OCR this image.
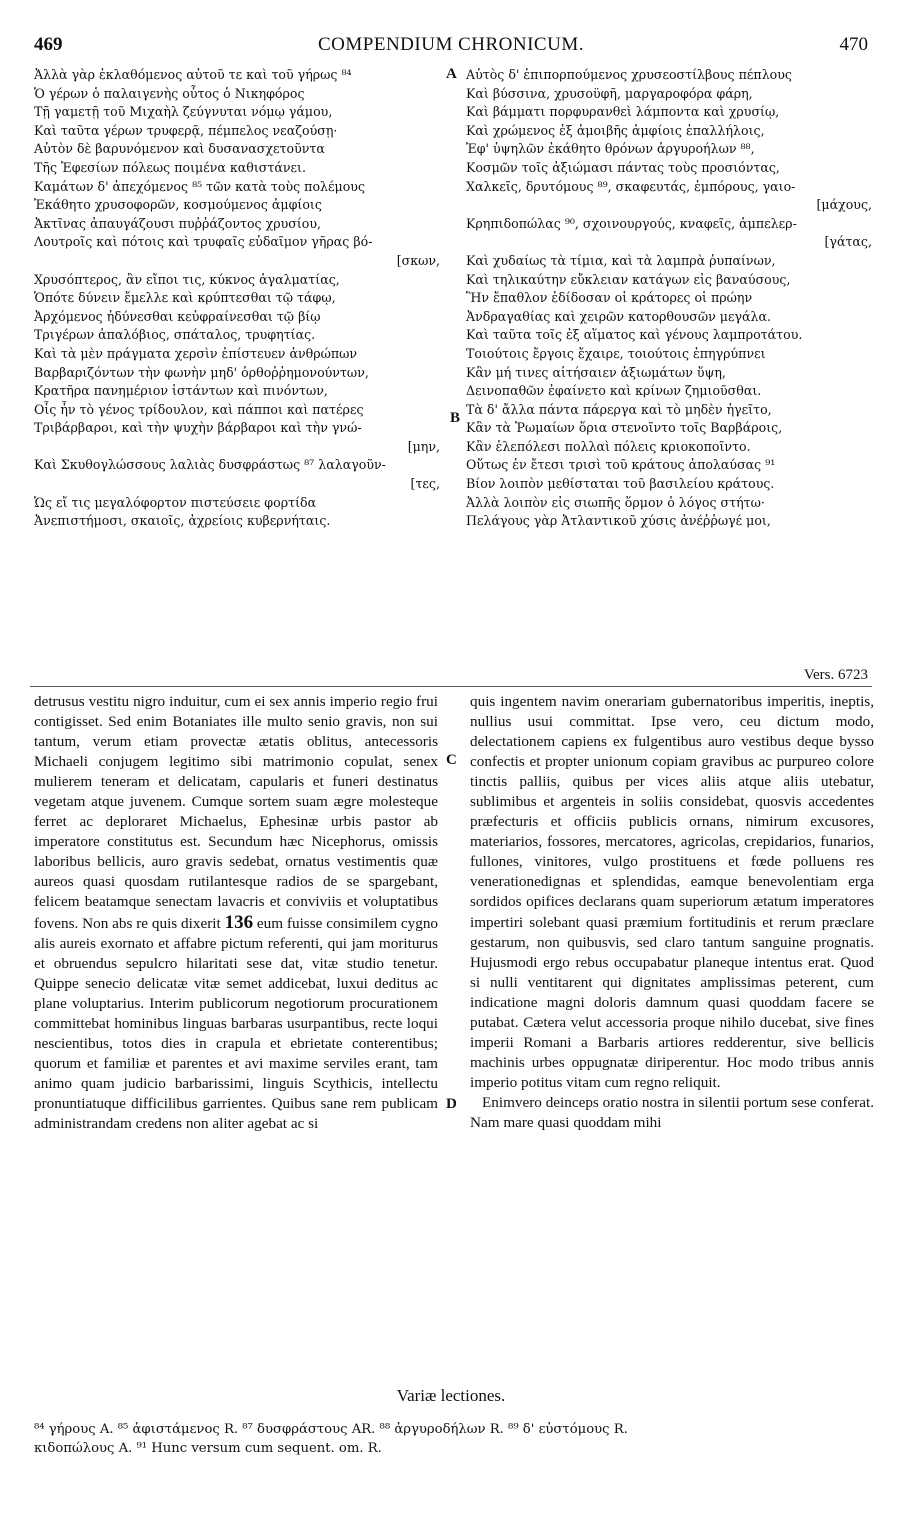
469	COMPENDIUM CHRONICUM.	470
Ἀλλὰ γὰρ ἐκλαθόμενος αὐτοῦ τε καὶ τοῦ γήρως ⁸⁴
Ὁ γέρων ὁ παλαιγενὴς οὗτος ὁ Νικηφόρος
Τῇ γαμετῇ τοῦ Μιχαὴλ ζεύγνυται νόμῳ γάμου,
Καὶ ταῦτα γέρων τρυφερᾷ, πέμπελος νεαζούσῃ·
Αὐτὸν δὲ βαρυνόμενον καὶ δυσανασχετοῦντα
Τῆς Ἐφεσίων πόλεως ποιμένα καθιστάνει.
Καμάτων δ' ἀπεχόμενος ⁸⁵ τῶν κατὰ τοὺς πολέμους
Ἐκάθητο χρυσοφορῶν, κοσμούμενος ἀμφίοις
Ἀκτῖνας ἀπαυγάζουσι πυῤῥάζοντος χρυσίου,
Λουτροῖς καὶ πότοις καὶ τρυφαῖς εὐδαῖμον γῆρας βό-
[σκων,
Χρυσόπτερος, ἂν εἴποι τις, κύκνος ἀγαλματίας,
Ὁπότε δύνειν ἔμελλε καὶ κρύπτεσθαι τῷ τάφῳ,
Ἀρχόμενος ἠδύνεσθαι κεὐφραίνεσθαι τῷ βίῳ
Τριγέρων ἀπαλόβιος, σπάταλος, τρυφητίας.
Καὶ τὰ μὲν πράγματα χερσὶν ἐπίστευεν ἀνθρώπων
Βαρβαριζόντων τὴν φωνὴν μηδ' ὀρθοῤῥημονούντων,
Κρατῆρα πανημέριον ἱστάντων καὶ πινόντων,
Οἷς ἦν τὸ γένος τρίδουλον, καὶ πάπποι καὶ πατέρες
Τριβάρβαροι, καὶ τὴν ψυχὴν βάρβαροι καὶ τὴν γνώ-
[μην,
Καὶ Σκυθογλώσσους λαλιὰς δυσφράστως ⁸⁷ λαλαγοῦν-
[τες,
Ὡς εἴ τις μεγαλόφορτον πιστεύσειε φορτίδα
Ἀνεπιστήμοσι, σκαιοῖς, ἀχρείοις κυβερνήταις.
Αὐτὸς δ' ἐπιπορπούμενος χρυσεοστίλβους πέπλους
Καὶ βύσσινα, χρυσοϋφῆ, μαργαροφόρα φάρη,
Καὶ βάμματι πορφυρανθεὶ λάμποντα καὶ χρυσίῳ,
Καὶ χρώμενος ἐξ ἀμοιβῆς ἀμφίοις ἐπαλλήλοις,
Ἐφ' ὑψηλῶν ἐκάθητο θρόνων ἀργυροήλων ⁸⁸,
Κοσμῶν τοῖς ἀξιώμασι πάντας τοὺς προσιόντας,
Χαλκεῖς, δρυτόμους ⁸⁹, σκαφευτάς, ἐμπόρους, γαιο-
[μάχους,
Κρηπιδοπώλας ⁹⁰, σχοινουργούς, κναφεῖς, ἀμπελερ-
[γάτας,
Καὶ χυδαίως τὰ τίμια, καὶ τὰ λαμπρὰ ῥυπαίνων,
Καὶ τηλικαύτην εὔκλειαν κατάγων εἰς βαναύσους,
Ἣν ἔπαθλον ἐδίδοσαν οἱ κράτορες οἱ πρώην
Ἀνδραγαθίας καὶ χειρῶν κατορθουσῶν μεγάλα.
Καὶ ταῦτα τοῖς ἐξ αἵματος καὶ γένους λαμπροτάτου.
Τοιούτοις ἔργοις ἔχαιρε, τοιούτοις ἐπηγρύπνει
Κἂν μή τινες αἰτήσαιεν ἀξιωμάτων ὕψη,
Δεινοπαθῶν ἐφαίνετο καὶ κρίνων ζημιοῦσθαι.
Τὰ δ' ἄλλα πάντα πάρεργα καὶ τὸ μηδὲν ἡγεῖτο,
Κἂν τὰ Ῥωμαίων ὅρια στενοῖντο τοῖς Βαρβάροις,
Κἂν ἑλεπόλεσι πολλαὶ πόλεις κριοκοποῖντο.
Οὕτως ἐν ἔτεσι τρισὶ τοῦ κράτους ἀπολαύσας ⁹¹
Βίον λοιπὸν μεθίσταται τοῦ βασιλείου κράτους.
Ἀλλὰ λοιπὸν εἰς σιωπῆς ὅρμον ὁ λόγος στήτω·
Πελάγους γὰρ Ἀτλαντικοῦ χύσις ἀνέῤῥωγέ μοι,
A
B
Vers. 6723

detrusus vestitu nigro induitur, cum ei sex annis imperio regio frui contigisset. Sed enim Botaniates ille multo senio gravis, non sui tantum, verum etiam provectæ ætatis oblitus, antecessoris Michaeli conjugem legitimo sibi matrimonio copulat, senex mulierem teneram et delicatam, capularis et funeri destinatus vegetam atque juvenem. Cumque sortem suam ægre molesteque ferret ac deploraret Michaelus, Ephesinæ urbis pastor ab imperatore constitutus est. Secundum hæc Nicephorus, omissis laboribus bellicis, auro gravis sedebat, ornatus vestimentis quæ aureos quasi quosdam rutilantesque radios de se spargebant, felicem beatamque senectam lavacris et conviviis et voluptatibus fovens. Non abs re quis dixerit 136 eum fuisse consimilem cygno alis aureis exornato et affabre pictum referenti, qui jam moriturus et obruendus sepulcro hilaritati sese dat, vitæ studio tenetur. Quippe senecio delicatæ vitæ semet addicebat, luxui deditus ac plane voluptarius. Interim publicorum negotiorum procurationem committebat hominibus linguas barbaras usurpantibus, recte loqui nescientibus, totos dies in crapula et ebrietate conterentibus; quorum et familiæ et parentes et avi maxime serviles erant, tam animo quam judicio barbarissimi, linguis Scythicis, intellectu pronuntiatuque difficilibus garrientes. Quibus sane rem publicam administrandam credens non aliter agebat ac si

C
D

quis ingentem navim onerariam gubernatoribus imperitis, ineptis, nullius usui committat. Ipse vero, ceu dictum modo, delectationem capiens ex fulgentibus auro vestibus deque bysso confectis et propter unionum copiam gravibus ac purpureo colore tinctis palliis, quibus per vices aliis atque aliis utebatur, sublimibus et argenteis in soliis considebat, quosvis accedentes præfecturis et officiis publicis ornans, nimirum excusores, materiarios, fossores, mercatores, agricolas, crepidarios, funarios, fullones, vinitores, vulgo prostituens et fœde polluens res venerationedignas et splendidas, eamque benevolentiam erga sordidos opifices declarans quam superiorum ætatum imperatores impertiri solebant quasi præmium fortitudinis et rerum præclare gestarum, non quibusvis, sed claro tantum sanguine prognatis. Hujusmodi ergo rebus occupabatur planeque intentus erat. Quod si nulli ventitarent qui dignitates amplissimas peterent, cum indicatione magni doloris damnum quasi quoddam facere se putabat. Cætera velut accessoria proque nihilo ducebat, sive fines imperii Romani a Barbaris artiores redderentur, sive bellicis machinis urbes oppugnatæ diriperentur. Hoc modo tribus annis imperio potitus vitam cum regno reliquit.

Enimvero deinceps oratio nostra in silentii portum sese conferat. Nam mare quasi quoddam mihi

Variæ lectiones.
⁸⁴ γήρους A. ⁸⁵ ἀφιστάμενος R. ⁸⁷ δυσφράστους AR. ⁸⁸ ἀργυροδήλων R. ⁸⁹ δ' εὐστόμους R.
κιδοπώλους A. ⁹¹ Hunc versum cum sequent. om. R.
